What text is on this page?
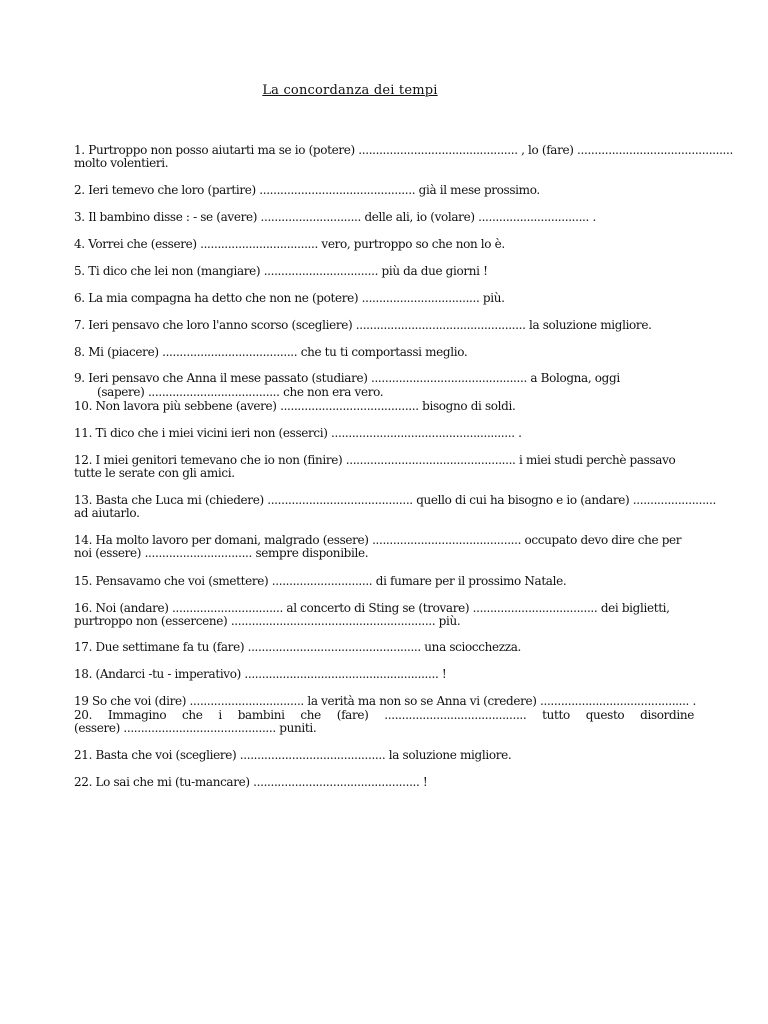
La concordanza dei tempi
1. Purtroppo non posso aiutarti ma se io (potere) .............................................. , lo (fare) .............................................
molto volentieri.
2. Ieri temevo che loro (partire) ............................................. già il mese prossimo.
3. Il bambino disse : - se (avere) ............................. delle ali, io (volare) ................................ .
4. Vorrei che (essere) .................................. vero, purtroppo so che non lo è.
5. Ti dico che lei non (mangiare) ................................. più da due giorni !
6. La mia compagna ha detto che non ne (potere) .................................. più.
7. Ieri pensavo che loro l'anno scorso (scegliere) ................................................. la soluzione migliore.
8. Mi (piacere) ....................................... che tu ti comportassi meglio.
9. Ieri pensavo che Anna il mese passato (studiare) ............................................. a Bologna, oggi
(sapere) ...................................... che non era vero.
10. Non lavora più sebbene (avere) ........................................ bisogno di soldi.
11. Ti dico che i miei vicini ieri non (esserci) ..................................................... .
12. I miei genitori temevano che io non (finire) ................................................. i miei studi perchè passavo
tutte le serate con gli amici.
13. Basta che Luca mi (chiedere) .......................................... quello di cui ha bisogno e io (andare) ........................
ad aiutarlo.
14. Ha molto lavoro per domani, malgrado (essere) ........................................... occupato devo dire che per
noi (essere) ............................... sempre disponibile.
15. Pensavamo che voi (smettere) ............................. di fumare per il prossimo Natale.
16. Noi (andare) ................................ al concerto di Sting se (trovare) .................................... dei biglietti,
purtroppo non (essercene) ........................................................... più.
17. Due settimane fa tu (fare) .................................................. una sciocchezza.
18. (Andarci -tu - imperativo) ........................................................ !
19 So che voi (dire) ................................. la verità ma non so se Anna vi (credere) ........................................... .
20. Immagino che i bambini che (fare) ......................................... tutto questo disordine
(essere) ............................................ puniti.
21. Basta che voi (scegliere) .......................................... la soluzione migliore.
22. Lo sai che mi (tu-mancare) ................................................ !
